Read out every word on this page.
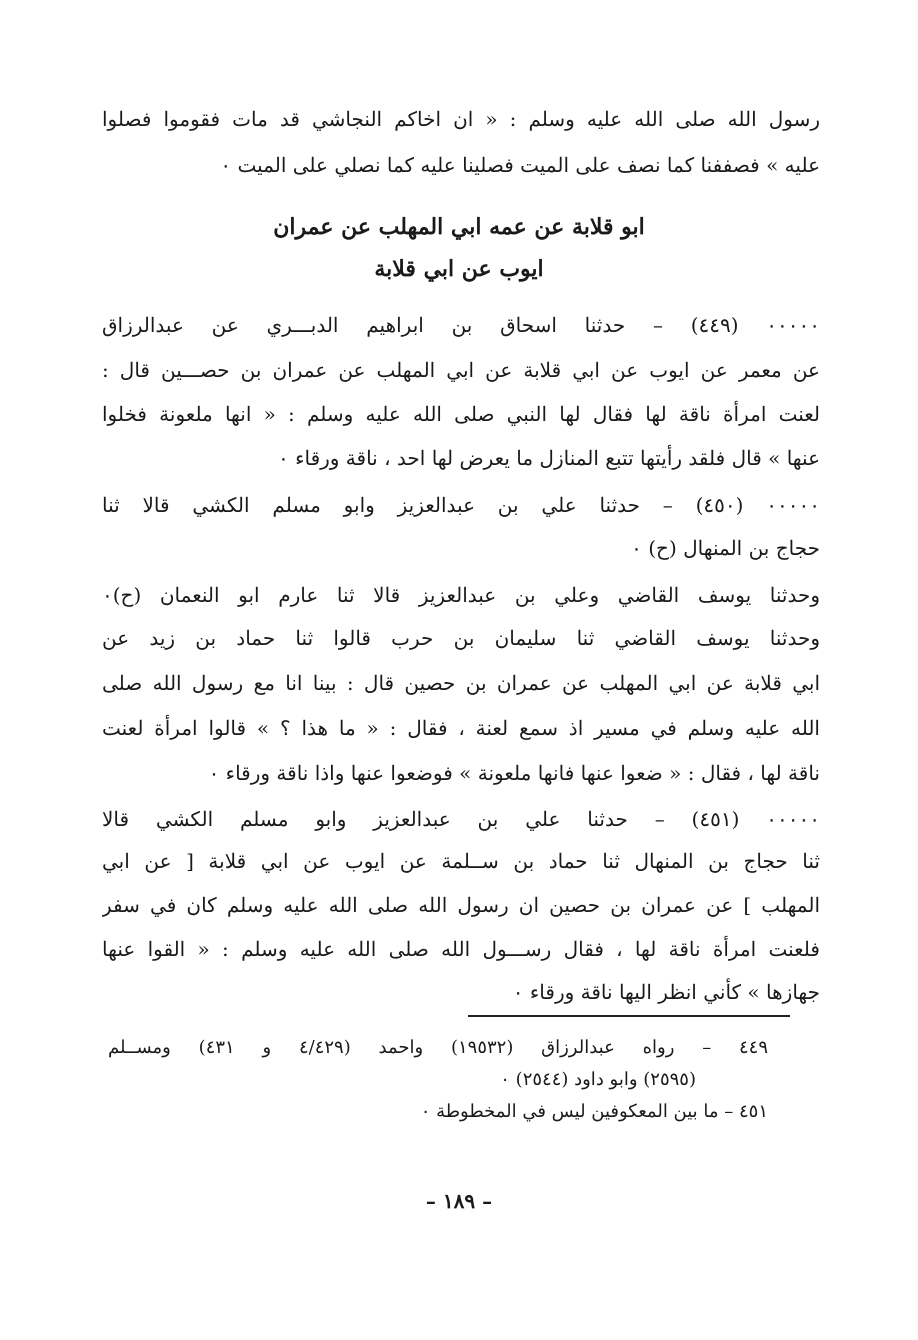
رسول الله صلى الله عليه وسلم : « ان اخاكم النجاشي قد مات فقوموا فصلوا
عليه » فصففنا كما نصف على الميت فصلينا عليه كما نصلي على الميت ٠
ابو قلابة عن عمه ابي المهلب عن عمران
ايوب عن ابي قلابة
٠٠٠٠٠ (٤٤٩) – حدثنا اسحاق بن ابراهيم الدبـــري عن عبدالرزاق
عن معمر عن ايوب عن ابي قلابة عن ابي المهلب عن عمران بن حصـــين قال :
لعنت امرأة ناقة لها فقال لها النبي صلى الله عليه وسلم : « انها ملعونة فخلوا
عنها » قال فلقد رأيتها تتبع المنازل ما يعرض لها احد ، ناقة ورقاء ٠
٠٠٠٠٠ (٤٥٠) – حدثنا علي بن عبدالعزيز وابو مسلم الكشي قالا ثنا
حجاج بن المنهال (ح) ٠
وحدثنا يوسف القاضي وعلي بن عبدالعزيز قالا ثنا عارم ابو النعمان (ح)٠
وحدثنا يوسف القاضي ثنا سليمان بن حرب قالوا ثنا حماد بن زيد عن
ابي قلابة عن ابي المهلب عن عمران بن حصين قال : بينا انا مع رسول الله صلى
الله عليه وسلم في مسير اذ سمع لعنة ، فقال : « ما هذا ؟ » قالوا امرأة لعنت
ناقة لها ، فقال : « ضعوا عنها فانها ملعونة » فوضعوا عنها واذا ناقة ورقاء ٠
٠٠٠٠٠ (٤٥١) – حدثنا علي بن عبدالعزيز وابو مسلم الكشي قالا
ثنا حجاج بن المنهال ثنا حماد بن ســلمة عن ايوب عن ابي قلابة [ عن ابي
المهلب ] عن عمران بن حصين ان رسول الله صلى الله عليه وسلم كان في سفر
فلعنت امرأة ناقة لها ، فقال رســـول الله صلى الله عليه وسلم : « القوا عنها
جهازها » كأني انظر اليها ناقة ورقاء ٠
٤٤٩ – رواه عبدالرزاق (١٩٥٣٢) واحمد (٤/٤٢٩ و ٤٣١) ومســلم
(٢٥٩٥) وابو داود (٢٥٤٤) ٠
٤٥١ – ما بين المعكوفين ليس في المخطوطة ٠
– ١٨٩ –
